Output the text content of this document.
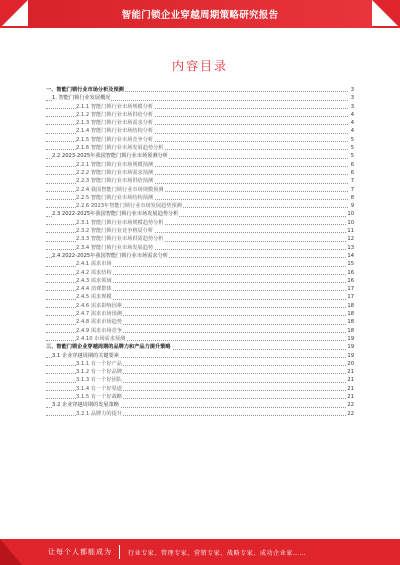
智能门锁企业穿越周期策略研究报告
内容目录
一、智能门锁行业市场分析及预测	3
1. 智能门锁行业发展概况	3
2.1.1 智能门锁行业市场规模分析	3
2.1.2 智能门锁行业市场供给分析	4
2.1.3 智能门锁行业市场需求分析	4
2.1.4 智能门锁行业市场结构分析	4
2.1.5 智能门锁行业市场竞争分析	5
2.1.6 智能门锁行业市场发展趋势分析	5
2.2 2023-2025年我国智能门锁行业市场预测分析	5
2.2.1 智能门锁行业市场规模预测	6
2.2.2 智能门锁行业市场需求预测	6
2.2.3 智能门锁行业市场供给预测	7
2.2.4 我国智能门锁行业市场规模预测	7
2.2.5 智能门锁行业市场结构预测	8
2.2.6 2023年智能门锁行业市场发展趋势预测	9
2.3 2022-2025年我国智能门锁行业市场发展趋势分析	10
2.3.1 智能门锁行业市场规模趋势分析	10
2.3.2 智能门锁行业竞争格局分析	11
2.3.3 智能门锁行业市场供需趋势分析	12
2.3.4 智能门锁行业市场发展趋势	13
2.4 2022-2025年我国智能门锁行业市场需求分析	14
2.4.1 需求市场	15
2.4.2 需求结构	16
2.4.3 需求领域	16
2.4.4 消费群体	17
2.4.5 需求规模	17
2.4.6 需求影响因素	18
2.4.7 需求市场预测	18
2.4.8 需求市场趋势	18
2.4.9 需求市场竞争	18
2.4.10 市场需求预测	19
三、智能门锁企业穿越周期的品牌力和产品力提升策略	19
3.1 企业穿越周期的关键要素	19
3.1.1 有一个好产品	20
3.1.2 有一个好品牌	21
3.1.3 有一个好团队	21
3.1.4 有一个好渠道	21
3.1.5 有一个好战略	21
3.2 企业穿越周期的发展策略	22
3.2.1 品牌力的提升	22
让每个人都能成为	行业专家、管理专家、营销专家、战略专家、成功企业家……
